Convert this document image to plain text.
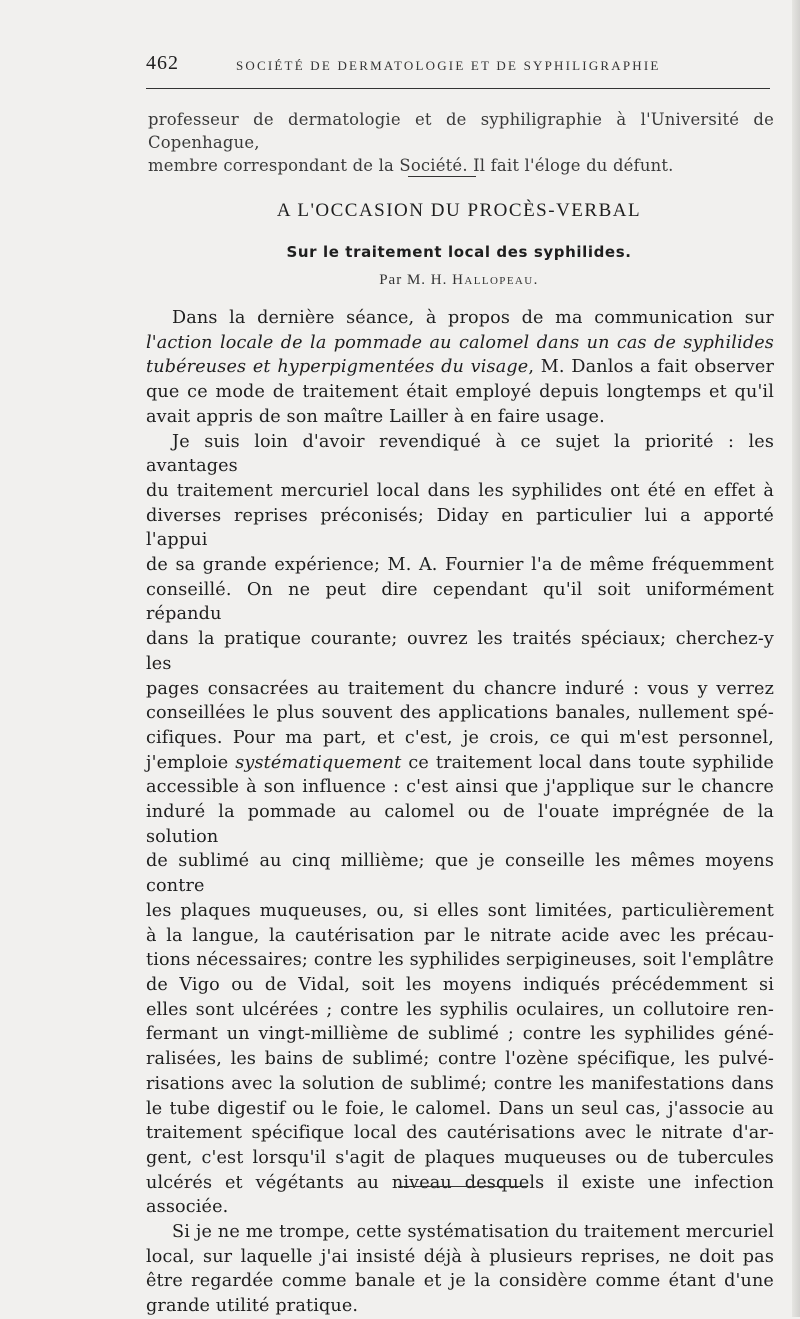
462	SOCIÉTÉ DE DERMATOLOGIE ET DE SYPHILIGRAPHIE
professeur de dermatologie et de syphiligraphie à l'Université de Copenhague,
membre correspondant de la Société. Il fait l'éloge du défunt.
A L'OCCASION DU PROCÈS-VERBAL
Sur le traitement local des syphilides.
Par M. H. Hallopeau.

Dans la dernière séance, à propos de ma communication sur
l'action locale de la pommade au calomel dans un cas de syphilides
tubéreuses et hyperpigmentées du visage, M. Danlos a fait observer
que ce mode de traitement était employé depuis longtemps et qu'il
avait appris de son maître Lailler à en faire usage.

Je suis loin d'avoir revendiqué à ce sujet la priorité : les avantages
du traitement mercuriel local dans les syphilides ont été en effet à
diverses reprises préconisés; Diday en particulier lui a apporté l'appui
de sa grande expérience; M. A. Fournier l'a de même fréquemment
conseillé. On ne peut dire cependant qu'il soit uniformément répandu
dans la pratique courante; ouvrez les traités spéciaux; cherchez-y les
pages consacrées au traitement du chancre induré : vous y verrez
conseillées le plus souvent des applications banales, nullement spé-
cifiques. Pour ma part, et c'est, je crois, ce qui m'est personnel,
j'emploie systématiquement ce traitement local dans toute syphilide
accessible à son influence : c'est ainsi que j'applique sur le chancre
induré la pommade au calomel ou de l'ouate imprégnée de la solution
de sublimé au cinq millième; que je conseille les mêmes moyens contre
les plaques muqueuses, ou, si elles sont limitées, particulièrement
à la langue, la cautérisation par le nitrate acide avec les précau-
tions nécessaires; contre les syphilides serpigineuses, soit l'emplâtre
de Vigo ou de Vidal, soit les moyens indiqués précédemment si
elles sont ulcérées ; contre les syphilis oculaires, un collutoire ren-
fermant un vingt-millième de sublimé ; contre les syphilides géné-
ralisées, les bains de sublimé; contre l'ozène spécifique, les pulvé-
risations avec la solution de sublimé; contre les manifestations dans
le tube digestif ou le foie, le calomel. Dans un seul cas, j'associe au
traitement spécifique local des cautérisations avec le nitrate d'ar-
gent, c'est lorsqu'il s'agit de plaques muqueuses ou de tubercules
ulcérés et végétants au niveau desquels il existe une infection
associée.

Si je ne me trompe, cette systématisation du traitement mercuriel
local, sur laquelle j'ai insisté déjà à plusieurs reprises, ne doit pas
être regardée comme banale et je la considère comme étant d'une
grande utilité pratique.
